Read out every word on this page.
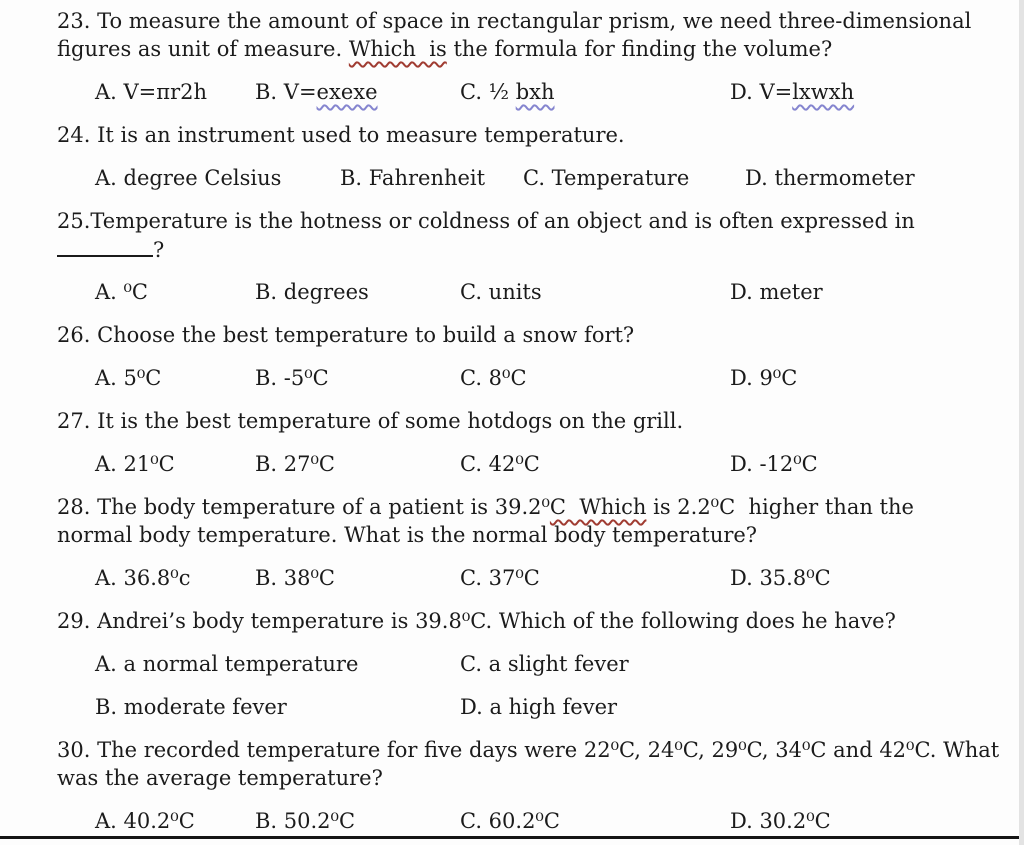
23. To measure the amount of space in rectangular prism, we need three-dimensional
figures as unit of measure. Which  is the formula for finding the volume?
A. V=πr2h	B. V=exexe	C. ½ bxh	D. V=lxwxh
24. It is an instrument used to measure temperature.
A. degree Celsius	B. Fahrenheit	C. Temperature	D. thermometer
25.Temperature is the hotness or coldness of an object and is often expressed in
?
A. ⁰C	B. degrees	C. units	D. meter
26. Choose the best temperature to build a snow fort?
A. 5⁰C	B. -5⁰C	C. 8⁰C	D. 9⁰C
27. It is the best temperature of some hotdogs on the grill.
A. 21⁰C	B. 27⁰C	C. 42⁰C	D. -12⁰C
28. The body temperature of a patient is 39.2⁰C  Which is 2.2⁰C  higher than the
normal body temperature. What is the normal body temperature?
A. 36.8⁰c	B. 38⁰C	C. 37⁰C	D. 35.8⁰C
29. Andrei’s body temperature is 39.8⁰C. Which of the following does he have?
A. a normal temperature	C. a slight fever
B. moderate fever	D. a high fever
30. The recorded temperature for five days were 22⁰C, 24⁰C, 29⁰C, 34⁰C and 42⁰C. What
was the average temperature?
A. 40.2⁰C	B. 50.2⁰C	C. 60.2⁰C	D. 30.2⁰C
